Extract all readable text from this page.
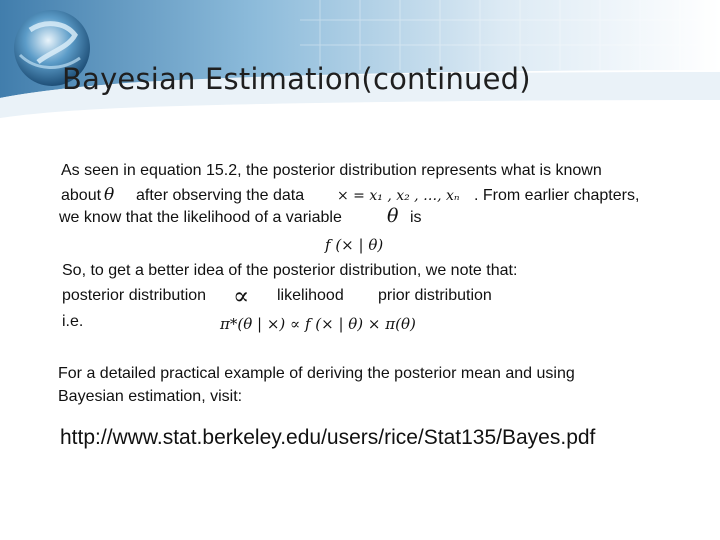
Bayesian Estimation(continued)
As seen in equation 15.2, the posterior distribution represents what is known
about θ after observing the data × = x₁ , x₂ , …, xₙ . From earlier chapters,
we know that the likelihood of a variable θ is
f (× | θ)
So, to get a better idea of the posterior distribution, we note that:
posterior distribution ∝ likelihood prior distribution
i.e.	π*(θ | ×) ∝ f (× | θ) × π(θ)
For a detailed practical example of deriving the posterior mean and using
Bayesian estimation, visit:
http://www.stat.berkeley.edu/users/rice/Stat135/Bayes.pdf
